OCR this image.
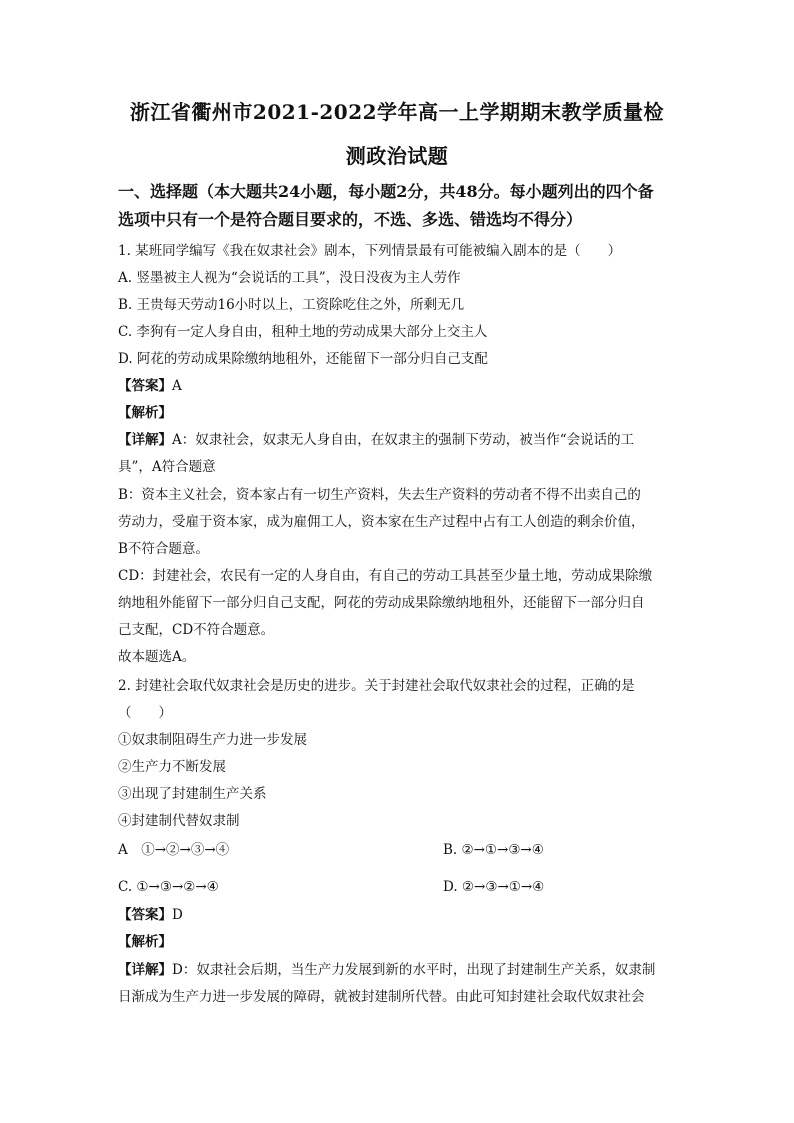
浙江省衢州市2021-2022学年高一上学期期末教学质量检
测政治试题
一、选择题（本大题共24小题，每小题2分，共48分。每小题列出的四个备
选项中只有一个是符合题目要求的，不选、多选、错选均不得分）
1. 某班同学编写《我在奴隶社会》剧本，下列情景最有可能被编入剧本的是（　　）
A. 竖墨被主人视为“会说话的工具”，没日没夜为主人劳作
B. 王贵每天劳动16小时以上，工资除吃住之外，所剩无几
C. 李狗有一定人身自由，租种土地的劳动成果大部分上交主人
D. 阿花的劳动成果除缴纳地租外，还能留下一部分归自己支配
【答案】A
【解析】
【详解】A：奴隶社会，奴隶无人身自由，在奴隶主的强制下劳动，被当作“会说话的工
具”，A符合题意
B：资本主义社会，资本家占有一切生产资料，失去生产资料的劳动者不得不出卖自己的
劳动力，受雇于资本家，成为雇佣工人，资本家在生产过程中占有工人创造的剩余价值，
B不符合题意。
CD：封建社会，农民有一定的人身自由，有自己的劳动工具甚至少量土地，劳动成果除缴
纳地租外能留下一部分归自己支配，阿花的劳动成果除缴纳地租外，还能留下一部分归自
己支配，CD不符合题意。
故本题选A。
2. 封建社会取代奴隶社会是历史的进步。关于封建社会取代奴隶社会的过程，正确的是
（　　）
①奴隶制阻碍生产力进一步发展
②生产力不断发展
③出现了封建制生产关系
④封建制代替奴隶制
A　①→②→③→④	B. ②→①→③→④
C. ①→③→②→④	D. ②→③→①→④
【答案】D
【解析】
【详解】D：奴隶社会后期，当生产力发展到新的水平时，出现了封建制生产关系，奴隶制
日渐成为生产力进一步发展的障碍，就被封建制所代替。由此可知封建社会取代奴隶社会
